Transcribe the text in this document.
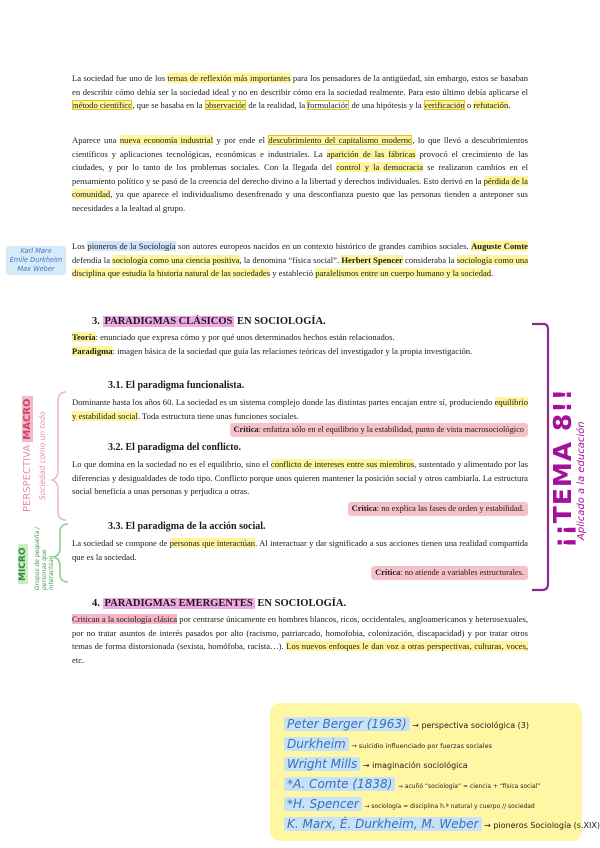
La sociedad fue uno de los temas de reflexión más importantes para los pensadores de la antigüedad, sin embargo, estos se basaban en describir cómo debía ser la sociedad ideal y no en describir cómo era la sociedad realmente. Para esto último debía aplicarse el método científico, que se basaba en la observación de la realidad, la formulación de una hipótesis y la verificación o refutación.

Aparece una nueva economía industrial y por ende el descubrimiento del capitalismo moderno, lo que llevó a descubrimientos científicos y aplicaciones tecnológicas, económicas e industriales. La aparición de las fábricas provocó el crecimiento de las ciudades, y por lo tanto de los problemas sociales. Con la llegada del control y la democracia se realizaron cambios en el pensamiento político y se pasó de la creencia del derecho divino a la libertad y derechos individuales. Esto derivó en la pérdida de la comunidad, ya que aparece el individualismo desenfrenado y una desconfianza puesto que las personas tienden a anteponer sus necesidades a la lealtad al grupo.

Los pioneros de la Sociología son autores europeos nacidos en un contexto histórico de grandes cambios sociales. Auguste Comte defendía la sociología como una ciencia positiva, la denomina “física social”. Herbert Spencer consideraba la sociología como una disciplina que estudia la historia natural de las sociedades y estableció paralelismos entre un cuerpo humano y la sociedad.

Karl Marx
Émile Durkheim
Max Weber
3. PARADIGMAS CLÁSICOS EN SOCIOLOGÍA.

Teoría: enunciado que expresa cómo y por qué unos determinados hechos están relacionados.

Paradigma: imagen básica de la sociedad que guía las relaciones teóricas del investigador y la propia investigación.

3.1. El paradigma funcionalista.

Dominante hasta los años 60. La sociedad es un sistema complejo donde las distintas partes encajan entre sí, produciendo equilibrio y estabilidad social. Toda estructura tiene unas funciones sociales.

Crítica: enfatiza sólo en el equilibrio y la estabilidad, punto de vista macrosociológico
3.2. El paradigma del conflicto.

Lo que domina en la sociedad no es el equilibrio, sino el conflicto de intereses entre sus miembros, sustentado y alimentado por las diferencias y desigualdades de todo tipo. Conflicto porque unos quieren mantener la posición social y otros cambiarla. La estructura social beneficia a unas personas y perjudica a otras.

Crítica: no explica las fases de orden y estabilidad.
3.3. El paradigma de la acción social.

La sociedad se compone de personas que interactúan. Al interactuar y dar significado a sus acciones tienen una realidad compartida que es la sociedad.

Crítica: no atiende a variables estructurales.
PERSPECTIVA MACRO Sociedad como un todo
MICRO Grupos de pequeña / personas que interactúan
¡¡TEMA 8!! Aplicado a la educación
4. PARADIGMAS EMERGENTES EN SOCIOLOGÍA.

Critican a la sociología clásica por centrarse únicamente en hombres blancos, ricos, occidentales, angloamericanos y heterosexuales, por no tratar asuntos de interés pasados por alto (racismo, patriarcado, homofobia, colonización, discapacidad) y por tratar otros temas de forma distorsionada (sexista, homófoba, racista…). Los nuevos enfoques le dan voz a otras perspectivas, culturas, voces, etc.

Peter Berger (1963) → perspectiva sociológica (3)
Durkheim → suicidio influenciado por fuerzas sociales
Wright Mills → imaginación sociológica
*A. Comte (1838) → acuñó “sociología” = ciencia + “física social”
*H. Spencer → sociología = disciplina h.ª natural y cuerpo // sociedad
K. Marx, É. Durkheim, M. Weber → pioneros Sociología (s.XIX)
